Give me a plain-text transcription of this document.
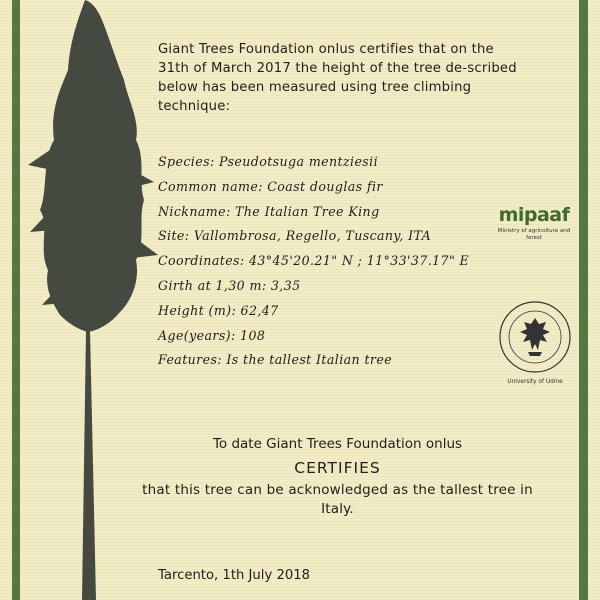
Giant Trees Foundation onlus certifies that on the 31th of March 2017 the height of the tree de-scribed below has been measured using tree climbing technique:
Species: Pseudotsuga mentziesii
Common name: Coast douglas fir
Nickname: The Italian Tree King
Site: Vallombrosa, Regello, Tuscany, ITA
Coordinates: 43°45'20.21" N ; 11°33'37.17" E
Girth at 1,30 m: 3,35
Height (m): 62,47
Age(years): 108
Features: Is the tallest Italian tree
mipaaf
Ministry of agricolture and forest
University of Udine
To date Giant Trees Foundation onlus
CERTIFIES
that this tree can be acknowledged as the tallest tree in Italy.
Tarcento, 1th July 2018
